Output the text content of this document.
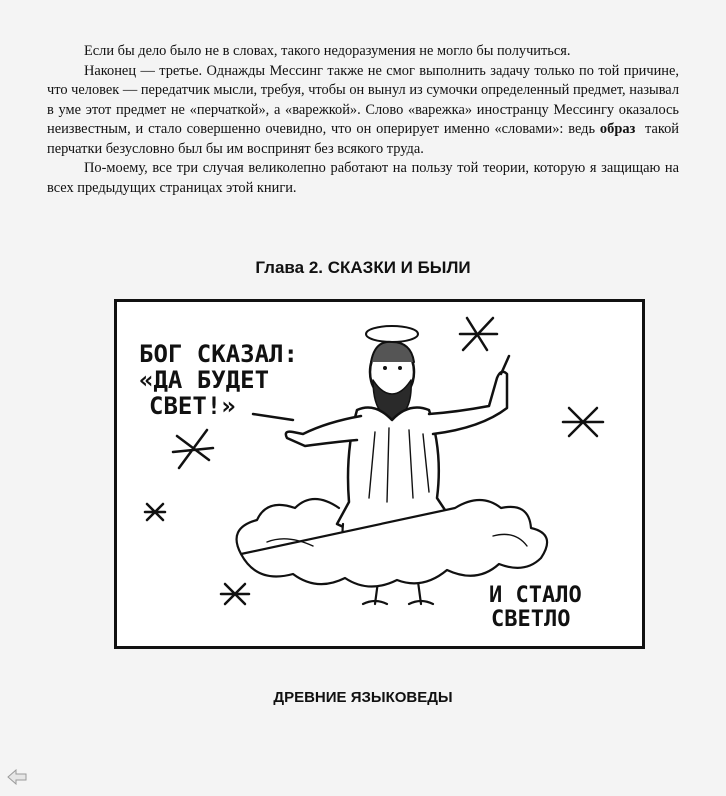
Если бы дело было не в словах, такого недоразумения не могло бы получиться.

Наконец — третье. Однажды Мессинг также не смог выполнить задачу только по той причине, что человек — передатчик мысли, требуя, чтобы он вынул из сумочки определенный предмет, называл в уме этот предмет не «перчаткой», а «варежкой». Слово «варежка» иностранцу Мессингу оказалось неизвестным, и стало совершенно очевидно, что он оперирует именно «словами»: ведь образ такой перчатки безусловно был бы им воспринят без всякого труда.

По-моему, все три случая великолепно работают на пользу той теории, которую я защищаю на всех предыдущих страницах этой книги.

Глава 2. СКАЗКИ И БЫЛИ
БОГ СКАЗАЛ:
«ДА БУДЕТ
СВЕТ!»
И СТАЛО
СВЕТЛО
ДРЕВНИЕ ЯЗЫКОВЕДЫ
